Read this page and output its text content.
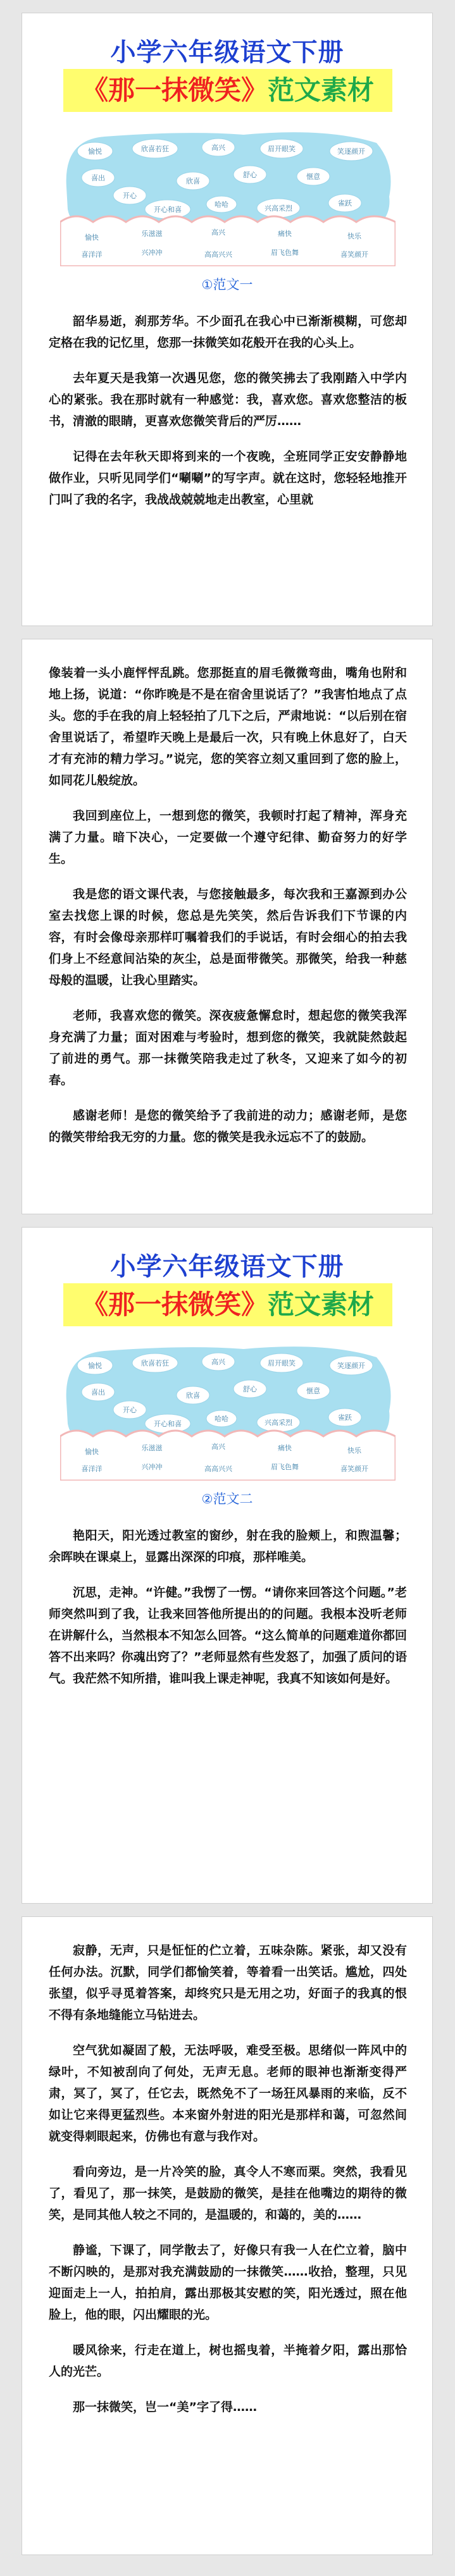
小学六年级语文下册
《那一抹微笑》范文素材
愉悦	欣喜若狂	高兴	眉开眼笑	笑逐颜开
喜出
开心
欣喜
舒心	惬意
开心和喜
哈哈	兴高采烈
雀跃
愉快	乐滋滋	高兴	痛快	快乐
喜洋洋	兴冲冲	高高兴兴	眉飞色舞	喜笑颜开
①范文一

韶华易逝，刹那芳华。不少面孔在我心中已渐渐模糊，可您却定格在我的记忆里，您那一抹微笑如花般开在我的心头上。

去年夏天是我第一次遇见您，您的微笑拂去了我刚踏入中学内心的紧张。我在那时就有一种感觉：我，喜欢您。喜欢您整洁的板书，清澈的眼睛，更喜欢您微笑背后的严厉……

记得在去年秋天即将到来的一个夜晚，全班同学正安安静静地做作业，只听见同学们“唰唰”的写字声。就在这时，您轻轻地推开门叫了我的名字，我战战兢兢地走出教室，心里就

像装着一头小鹿怦怦乱跳。您那挺直的眉毛微微弯曲，嘴角也附和地上扬，说道：“你昨晚是不是在宿舍里说话了？”我害怕地点了点头。您的手在我的肩上轻轻拍了几下之后，严肃地说：“以后别在宿舍里说话了，希望昨天晚上是最后一次，只有晚上休息好了，白天才有充沛的精力学习。”说完，您的笑容立刻又重回到了您的脸上，如同花儿般绽放。

我回到座位上，一想到您的微笑，我顿时打起了精神，浑身充满了力量。暗下决心，一定要做一个遵守纪律、勤奋努力的好学生。

我是您的语文课代表，与您接触最多，每次我和王嘉源到办公室去找您上课的时候，您总是先笑笑，然后告诉我们下节课的内容，有时会像母亲那样叮嘱着我们的手说话，有时会细心的拍去我们身上不经意间沾染的灰尘，总是面带微笑。那微笑，给我一种慈母般的温暖，让我心里踏实。

老师，我喜欢您的微笑。深夜疲惫懈怠时，想起您的微笑我浑身充满了力量；面对困难与考验时，想到您的微笑，我就陡然鼓起了前进的勇气。那一抹微笑陪我走过了秋冬，又迎来了如今的初春。

感谢老师！是您的微笑给予了我前进的动力；感谢老师，是您的微笑带给我无穷的力量。您的微笑是我永远忘不了的鼓励。

小学六年级语文下册
《那一抹微笑》范文素材
愉悦	欣喜若狂	高兴	眉开眼笑	笑逐颜开
喜出
开心
欣喜
舒心	惬意
开心和喜
哈哈	兴高采烈
雀跃
愉快	乐滋滋	高兴	痛快	快乐
喜洋洋	兴冲冲	高高兴兴	眉飞色舞	喜笑颜开
②范文二

艳阳天，阳光透过教室的窗纱，射在我的脸颊上，和煦温馨；余晖映在课桌上，显露出深深的印痕，那样唯美。

沉思，走神。“许健。”我愣了一愣。“请你来回答这个问题。”老师突然叫到了我，让我来回答他所提出的的问题。我根本没听老师在讲解什么，当然根本不知怎么回答。“这么简单的问题难道你都回答不出来吗？你魂出窍了？”老师显然有些发怒了，加强了质问的语气。我茫然不知所措，谁叫我上课走神呢，我真不知该如何是好。

寂静，无声，只是怔怔的伫立着，五味杂陈。紧张，却又没有任何办法。沉默，同学们都愉笑着，等着看一出笑话。尴尬，四处张望，似乎寻觅着答案，却终究只是无用之功，好面子的我真的恨不得有条地缝能立马钻进去。

空气犹如凝固了般，无法呼吸，难受至极。思绪似一阵风中的绿叶，不知被刮向了何处，无声无息。老师的眼神也渐渐变得严肃，冥了，冥了，任它去，既然免不了一场狂风暴雨的来临，反不如让它来得更猛烈些。本来窗外射进的阳光是那样和蔼，可忽然间就变得刺眼起来，仿佛也有意与我作对。

看向旁边，是一片冷笑的脸，真令人不寒而栗。突然，我看见了，看见了，那一抹笑，是鼓励的微笑，是挂在他嘴边的期待的微笑，是同其他人较之不同的，是温暖的，和蔼的，美的……

静谧，下课了，同学散去了，好像只有我一人在伫立着，脑中不断闪映的，是那对我充满鼓励的一抹微笑……收拾，整理，只见迎面走上一人，拍拍肩，露出那极其安慰的笑，阳光透过，照在他脸上，他的眼，闪出耀眼的光。

暖风徐来，行走在道上，树也摇曳着，半掩着夕阳，露出那恰人的光芒。

那一抹微笑，岂一“美”字了得……
